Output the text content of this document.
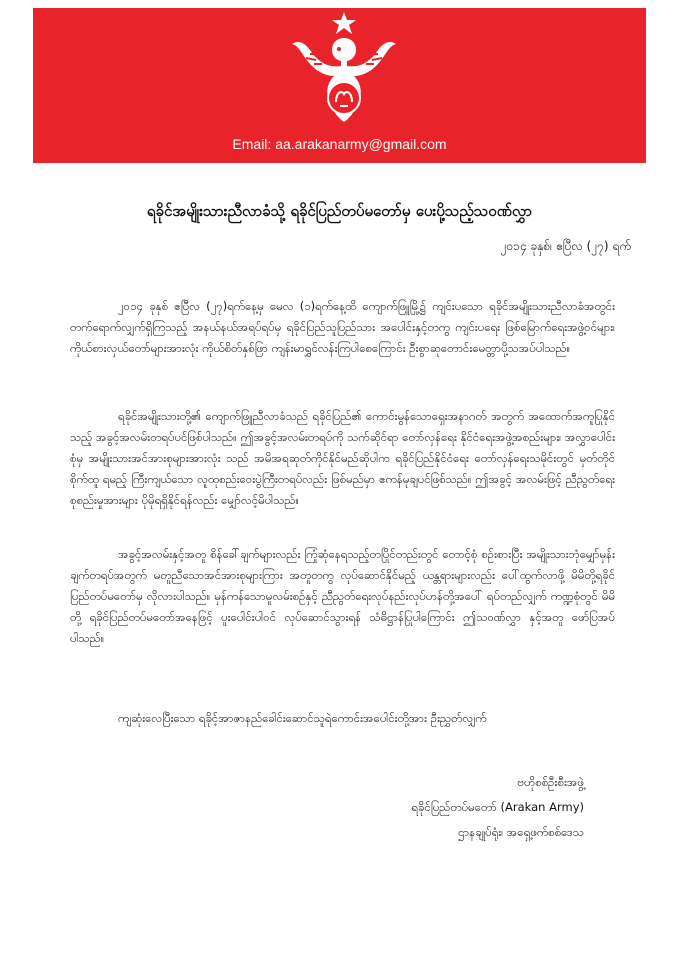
Email: aa.arakanarmy@gmail.com
ရခိုင်အမျိုးသားညီလာခံသို့ ရခိုင်ပြည်တပ်မတော်မှ ပေးပို့သည့်သဝဏ်လွှာ
၂၀၁၄ ခုနှစ်၊ ဧပြီလ (၂၇) ရက်
၂၀၁၄ ခုနှစ် ဧပြီလ (၂၇)ရက်နေ့မှ မေလ (၁)ရက်နေ့ထိ ကျောက်ဖြူမြို့၌ ကျင်းပသော ရခိုင်အမျိုးသားညီလာခံအတွင်း တက်ရောက်လျှက်ရှိကြသည့် အနယ်နယ်အရပ်ရပ်မှ ရခိုင်ပြည်သူပြည်သား အပေါင်းနှင့်တကွ ကျင်းပရေး ဖြစ်မြောက်ရေးအဖွဲ့ဝင်များ၊ ကိုယ်စားလှယ်တော်များအားလုံး ကိုယ်စိတ်နှစ်ဖြာ ကျန်းမာရွှင်လန်းကြပါစေကြောင်း ဦးစွာဆုတောင်းမေတ္တာပို့သအပ်ပါသည်။
ရခိုင်အမျိုးသားတို့၏ ကျောက်ဖြူညီလာခံသည် ရခိုင်ပြည်၏ ကောင်းမွန်သောရှေးအနာဂတ် အတွက် အထောက်အကူပြုနိုင်သည့် အခွင့်အလမ်းတရပ်ပင်ဖြစ်ပါသည်။ ဤအခွင့်အလမ်းတရပ်ကို သက်ဆိုင်ရာ တော်လှန်ရေး နိုင်ငံရေးအဖွဲ့အစည်းများ၊ အလွှာပေါင်းစုံမှ အမျိုးသားအင်အားစုများအားလုံး သည် အမိအရဆုတ်ကိုင်နိုင်မည်ဆိုပါက ရခိုင်ပြည်နိုင်ငံရေး တော်လှန်ရေးသမိုင်းတွင် မှတ်တိုင်စိုက်ထူ ရမည့် ကြီးကျယ်သော လူထုစည်းဝေးပွဲကြီးတရပ်လည်း ဖြစ်မည်မှာ ဧကန်မုချပင်ဖြစ်သည်။ ဤအခွင့် အလမ်းဖြင့် ညီညွတ်ရေးစုစည်းမှုအားများ ပိုမိုရရှိနိုင်ရန်လည်း မျှော်လင့်မိပါသည်။
အခွင့်အလမ်းနှင့်အတူ စိန်ခေါ်ချက်များလည်း ကြုံဆုံနေရသည့်တပြိုင်တည်းတွင် တောင့်စုံ စဉ်းစားပြီး အမျိုးသားဘုံမျှော်မှန်းချက်တရပ်အတွက် မတူညီသောအင်အားစုများကြား အတူတကွ လုပ်ဆောင်နိုင်မည့် ယန္တရားများလည်း ပေါ်ထွက်လာဖို့ မိမိတို့ရခိုင်ပြည်တပ်မတော်မှ လိုလားပါသည်။ မှန်ကန်သောမူလမ်းစဉ်နှင့် ညီညွတ်ရေးလုပ်နည်းလုပ်ဟန်တို့အပေါ် ရပ်တည်လျှက် ကဏ္ဍစုံတွင် မိမိတို့ ရခိုင်ပြည်တပ်မတော်အနေဖြင့် ပူးပေါင်းပါဝင် လုပ်ဆောင်သွားရန် သံဓိဋ္ဌာန်ပြုပါကြောင်း ဤသဝဏ်လွှာ နှင့်အတူ ဖော်ပြအပ်ပါသည်။
ကျဆုံးလေပြီးသော ရခိုင့်အာဇာနည်ခေါင်းဆောင်သူရဲကောင်းအပေါင်းတို့အား ဦးညွှတ်လျှက်
ဗဟိုစစ်ဦးစီးအဖွဲ့
ရခိုင်ပြည်တပ်မတော် (Arakan Army)
ဌာနချုပ်ရုံး၊ အရှေ့ဖက်စစ်ဒေသ
